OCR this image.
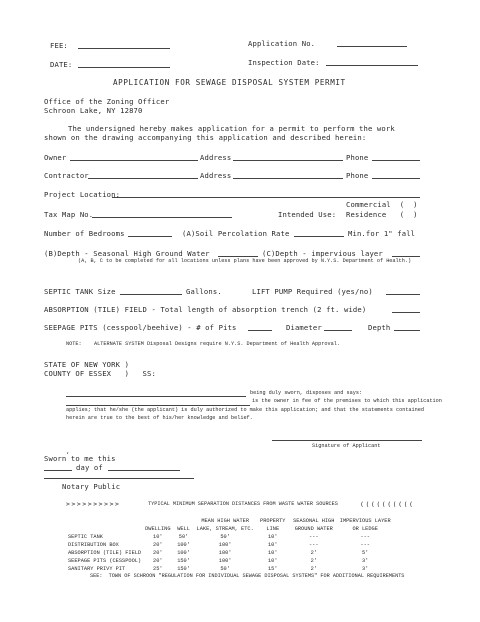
FEE:	Application No.
DATE:	Inspection Date:
APPLICATION FOR SEWAGE DISPOSAL SYSTEM PERMIT
Office of the Zoning Officer
Schroon Lake, NY 12870
The undersigned hereby makes application for a permit to perform the work
shown on the drawing accompanying this application and described herein:
Owner	Address	Phone
Contractor	Address	Phone
Project Location:
Commercial  (  )
Tax Map No.	Intended Use: Residence   (  )
Number of Bedrooms	(A)Soil Percolation Rate	Min.for 1" fall
(B)Depth - Seasonal High Ground Water	(C)Depth - impervious layer
(A, B, C to be completed for all locations unless plans have been approved by N.Y.S. Department of Health.)
SEPTIC TANK Size	Gallons.	LIFT PUMP Required (yes/no)
ABSORPTION (TILE) FIELD - Total length of absorption trench (2 ft. wide)
SEEPAGE PITS (cesspool/beehive) - # of Pits	Diameter	Depth
NOTE:    ALTERNATE SYSTEM Disposal Designs require N.Y.S. Department of Health Approval.
STATE OF NEW YORK )
COUNTY OF ESSEX   )   SS:
being duly sworn, disposes and says:
is the owner in fee of the premises to which this application
applies; that he/she (the applicant) is duly authorized to make this application; and that the statements contained
herein are true to the best of his/her knowledge and belief.
Signature of Applicant
,
Sworn to me this
day of
Notary Public
>>>>>>>>>>	TYPICAL MINIMUM SEPARATION DISTANCES FROM WASTE WATER SOURCES	((((((((((
			MEAN HIGH WATER	PROPERTY	SEASONAL HIGH	IMPERVIOUS LAYER
	DWELLING	WELL	LAKE, STREAM, ETC.	LINE	GROUND WATER	OR LEDGE
SEPTIC TANK	10'	50'	50'	10'	---	---
DISTRIBUTION BOX	20'	100'	100'	10'	---	---
ABSORPTION (TILE) FIELD	20'	100'	100'	10'	2'	5'
SEEPAGE PITS (CESSPOOL)	20'	150'	100'	10'	2'	3'
SANITARY PRIVY PIT	25'	150'	50'	15'	2'	3'
SEE:  TOWN OF SCHROON "REGULATION FOR INDIVIDUAL SEWAGE DISPOSAL SYSTEMS" FOR ADDITIONAL REQUIREMENTS
